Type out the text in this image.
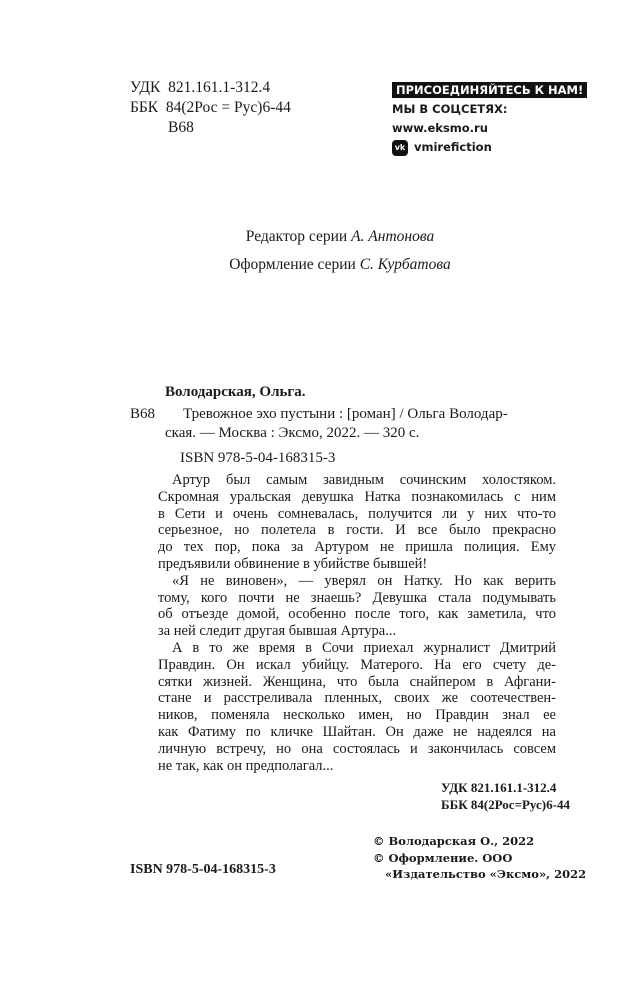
УДК 821.161.1-312.4
ББК 84(2Рос = Рус)6-44
В68
ПРИСОЕДИНЯЙТЕСЬ К НАМ!
МЫ В СОЦСЕТЯХ:
www.eksmo.ru
vk vmirefiction
Редактор серии А. Антонова
Оформление серии С. Курбатова
Володарская, Ольга.
В68 Тревожное эхо пустыни : [роман] / Ольга Володар-
ская. — Москва : Эксмо, 2022. — 320 с.
ISBN 978-5-04-168315-3
Артур был самым завидным сочинским холостяком.
Скромная уральская девушка Натка познакомилась с ним
в Сети и очень сомневалась, получится ли у них что-то
серьезное, но полетела в гости. И все было прекрасно
до тех пор, пока за Артуром не пришла полиция. Ему
предъявили обвинение в убийстве бывшей!
«Я не виновен», — уверял он Натку. Но как верить
тому, кого почти не знаешь? Девушка стала подумывать
об отъезде домой, особенно после того, как заметила, что
за ней следит другая бывшая Артура...
А в то же время в Сочи приехал журналист Дмитрий
Правдин. Он искал убийцу. Матерого. На его счету де-
сятки жизней. Женщина, что была снайпером в Афгани-
стане и расстреливала пленных, своих же соотечествен-
ников, поменяла несколько имен, но Правдин знал ее
как Фатиму по кличке Шайтан. Он даже не надеялся на
личную встречу, но она состоялась и закончилась совсем
не так, как он предполагал...
УДК 821.161.1-312.4
ББК 84(2Рос=Рус)6-44
© Володарская О., 2022
© Оформление. ООО
«Издательство «Эксмо», 2022
ISBN 978-5-04-168315-3
